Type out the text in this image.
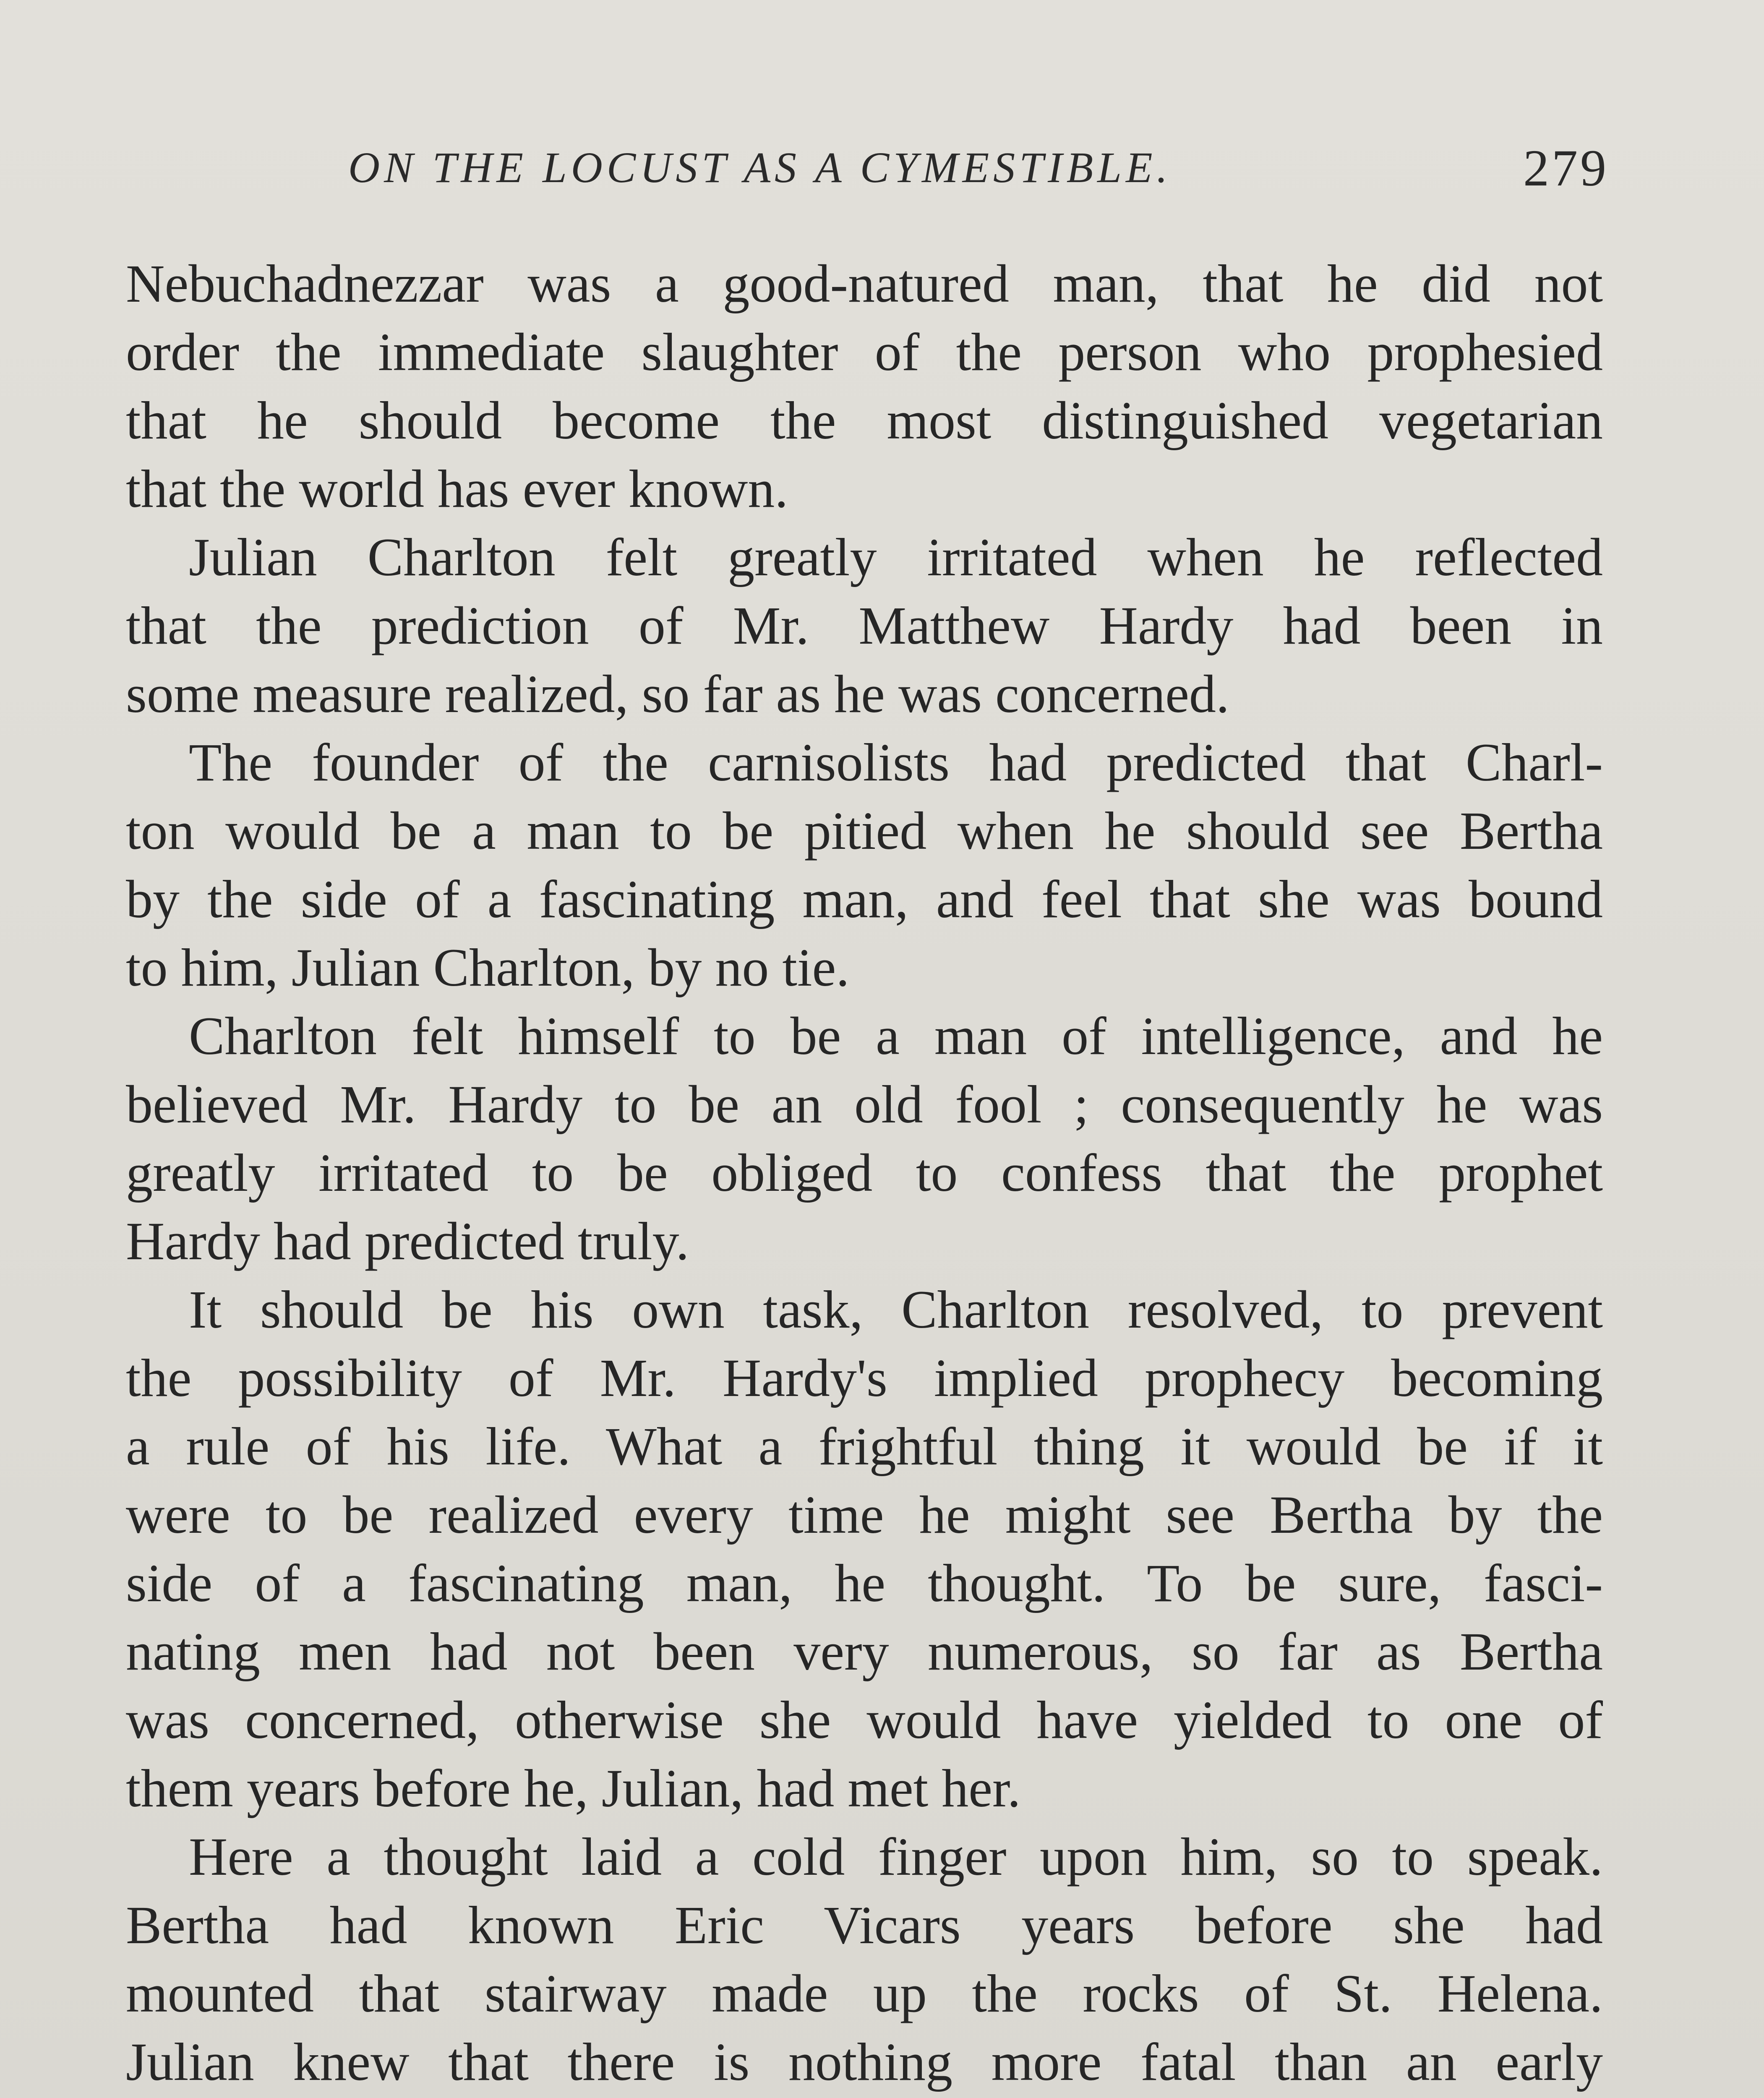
ON THE LOCUST AS A CYMESTIBLE.	279
Nebuchadnezzar was a good-natured man, that he did not
order the immediate slaughter of the person who prophesied
that he should become the most distinguished vegetarian
that the world has ever known.
Julian Charlton felt greatly irritated when he reflected
that the prediction of Mr. Matthew Hardy had been in
some measure realized, so far as he was concerned.
The founder of the carnisolists had predicted that Charl-
ton would be a man to be pitied when he should see Bertha
by the side of a fascinating man, and feel that she was bound
to him, Julian Charlton, by no tie.
Charlton felt himself to be a man of intelligence, and he
believed Mr. Hardy to be an old fool ; consequently he was
greatly irritated to be obliged to confess that the prophet
Hardy had predicted truly.
It should be his own task, Charlton resolved, to prevent
the possibility of Mr. Hardy's implied prophecy becoming
a rule of his life. What a frightful thing it would be if it
were to be realized every time he might see Bertha by the
side of a fascinating man, he thought. To be sure, fasci-
nating men had not been very numerous, so far as Bertha
was concerned, otherwise she would have yielded to one of
them years before he, Julian, had met her.
Here a thought laid a cold finger upon him, so to speak.
Bertha had known Eric Vicars years before she had
mounted that stairway made up the rocks of St. Helena.
Julian knew that there is nothing more fatal than an early
